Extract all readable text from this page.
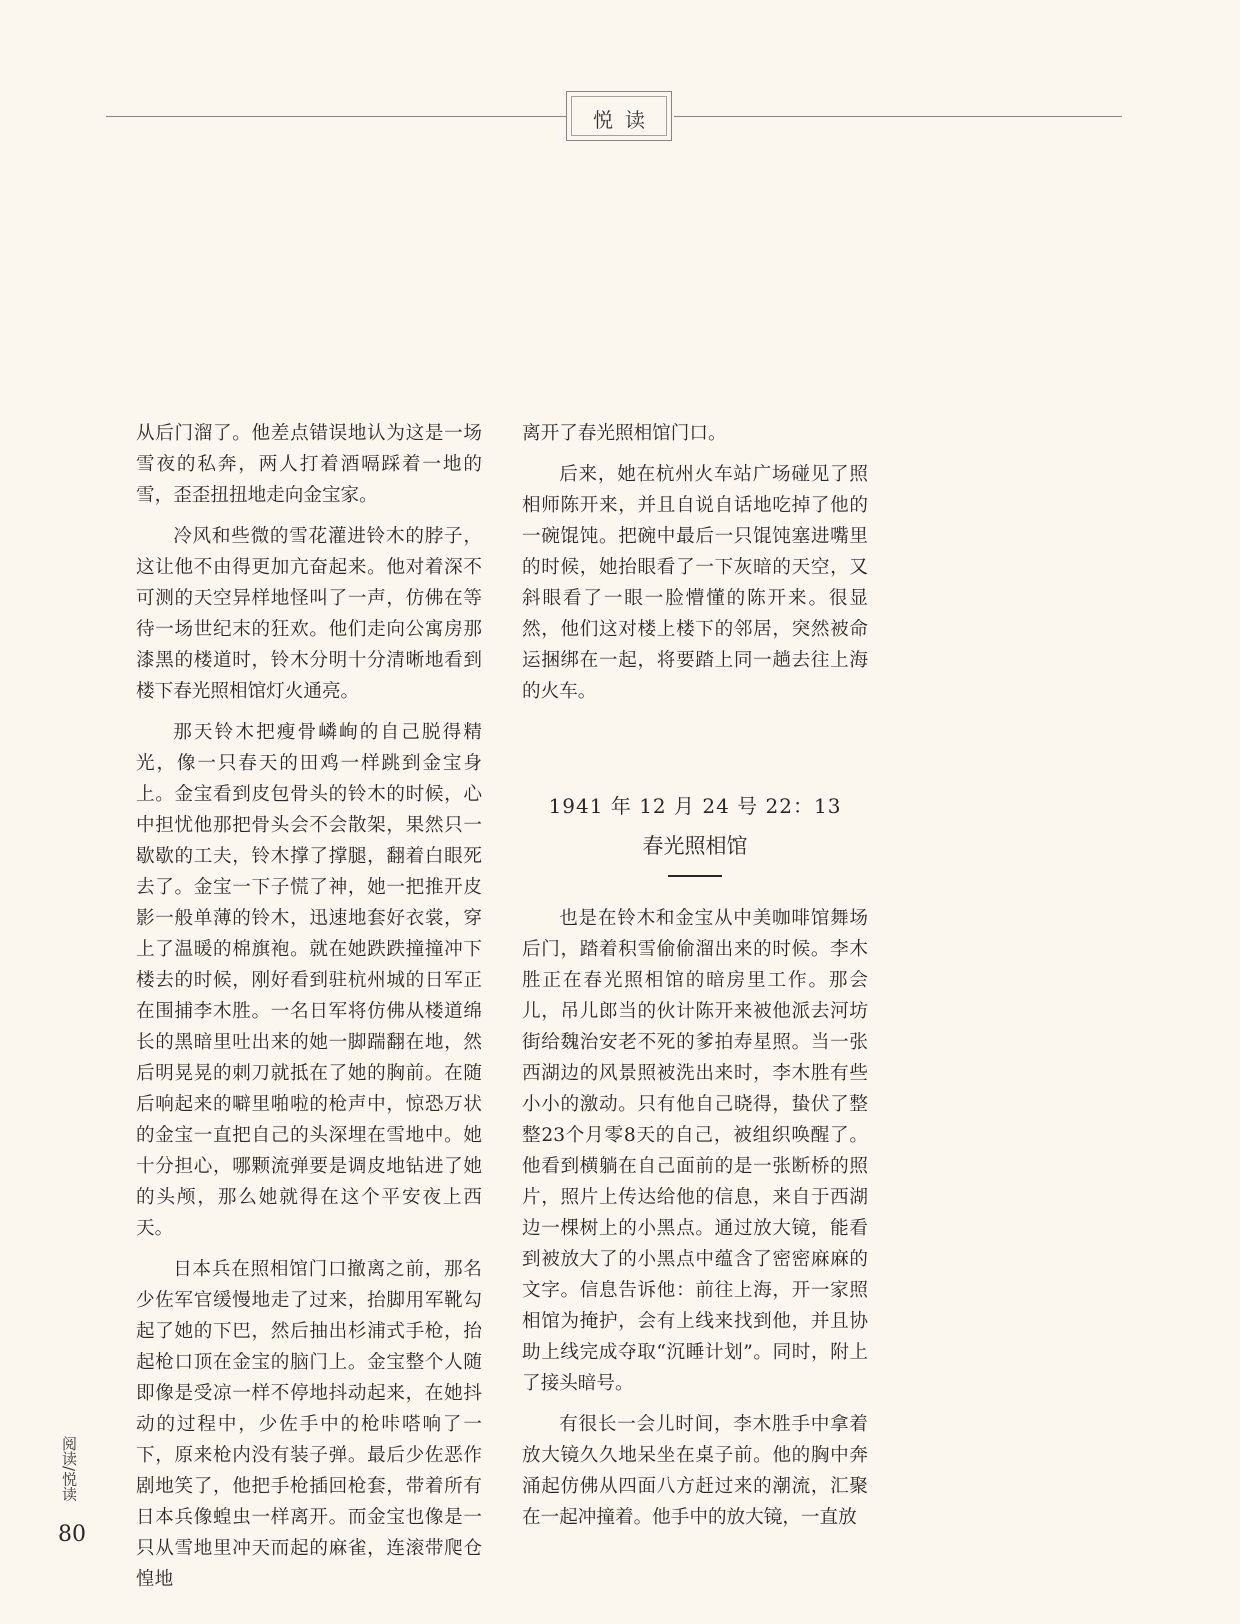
悦读

从后门溜了。他差点错误地认为这是一场雪夜的私奔，两人打着酒嗝踩着一地的雪，歪歪扭扭地走向金宝家。

冷风和些微的雪花灌进铃木的脖子，这让他不由得更加亢奋起来。他对着深不可测的天空异样地怪叫了一声，仿佛在等待一场世纪末的狂欢。他们走向公寓房那漆黑的楼道时，铃木分明十分清晰地看到楼下春光照相馆灯火通亮。

那天铃木把瘦骨嶙峋的自己脱得精光，像一只春天的田鸡一样跳到金宝身上。金宝看到皮包骨头的铃木的时候，心中担忧他那把骨头会不会散架，果然只一歇歇的工夫，铃木撑了撑腿，翻着白眼死去了。金宝一下子慌了神，她一把推开皮影一般单薄的铃木，迅速地套好衣裳，穿上了温暖的棉旗袍。就在她跌跌撞撞冲下楼去的时候，刚好看到驻杭州城的日军正在围捕李木胜。一名日军将仿佛从楼道绵长的黑暗里吐出来的她一脚踹翻在地，然后明晃晃的刺刀就抵在了她的胸前。在随后响起来的噼里啪啦的枪声中，惊恐万状的金宝一直把自己的头深埋在雪地中。她十分担心，哪颗流弹要是调皮地钻进了她的头颅，那么她就得在这个平安夜上西天。

日本兵在照相馆门口撤离之前，那名少佐军官缓慢地走了过来，抬脚用军靴勾起了她的下巴，然后抽出杉浦式手枪，抬起枪口顶在金宝的脑门上。金宝整个人随即像是受凉一样不停地抖动起来，在她抖动的过程中，少佐手中的枪咔嗒响了一下，原来枪内没有装子弹。最后少佐恶作剧地笑了，他把手枪插回枪套，带着所有日本兵像蝗虫一样离开。而金宝也像是一只从雪地里冲天而起的麻雀，连滚带爬仓惶地

离开了春光照相馆门口。

后来，她在杭州火车站广场碰见了照相师陈开来，并且自说自话地吃掉了他的一碗馄饨。把碗中最后一只馄饨塞进嘴里的时候，她抬眼看了一下灰暗的天空，又斜眼看了一眼一脸懵懂的陈开来。很显然，他们这对楼上楼下的邻居，突然被命运捆绑在一起，将要踏上同一趟去往上海的火车。

1941 年 12 月 24 号 22：13
春光照相馆

也是在铃木和金宝从中美咖啡馆舞场后门，踏着积雪偷偷溜出来的时候。李木胜正在春光照相馆的暗房里工作。那会儿，吊儿郎当的伙计陈开来被他派去河坊街给魏治安老不死的爹拍寿星照。当一张西湖边的风景照被洗出来时，李木胜有些小小的激动。只有他自己晓得，蛰伏了整整23个月零8天的自己，被组织唤醒了。他看到横躺在自己面前的是一张断桥的照片，照片上传达给他的信息，来自于西湖边一棵树上的小黑点。通过放大镜，能看到被放大了的小黑点中蕴含了密密麻麻的文字。信息告诉他：前往上海，开一家照相馆为掩护，会有上线来找到他，并且协助上线完成夺取“沉睡计划”。同时，附上了接头暗号。

有很长一会儿时间，李木胜手中拿着放大镜久久地呆坐在桌子前。他的胸中奔涌起仿佛从四面八方赶过来的潮流，汇聚在一起冲撞着。他手中的放大镜，一直放

阅读/悦读
80
